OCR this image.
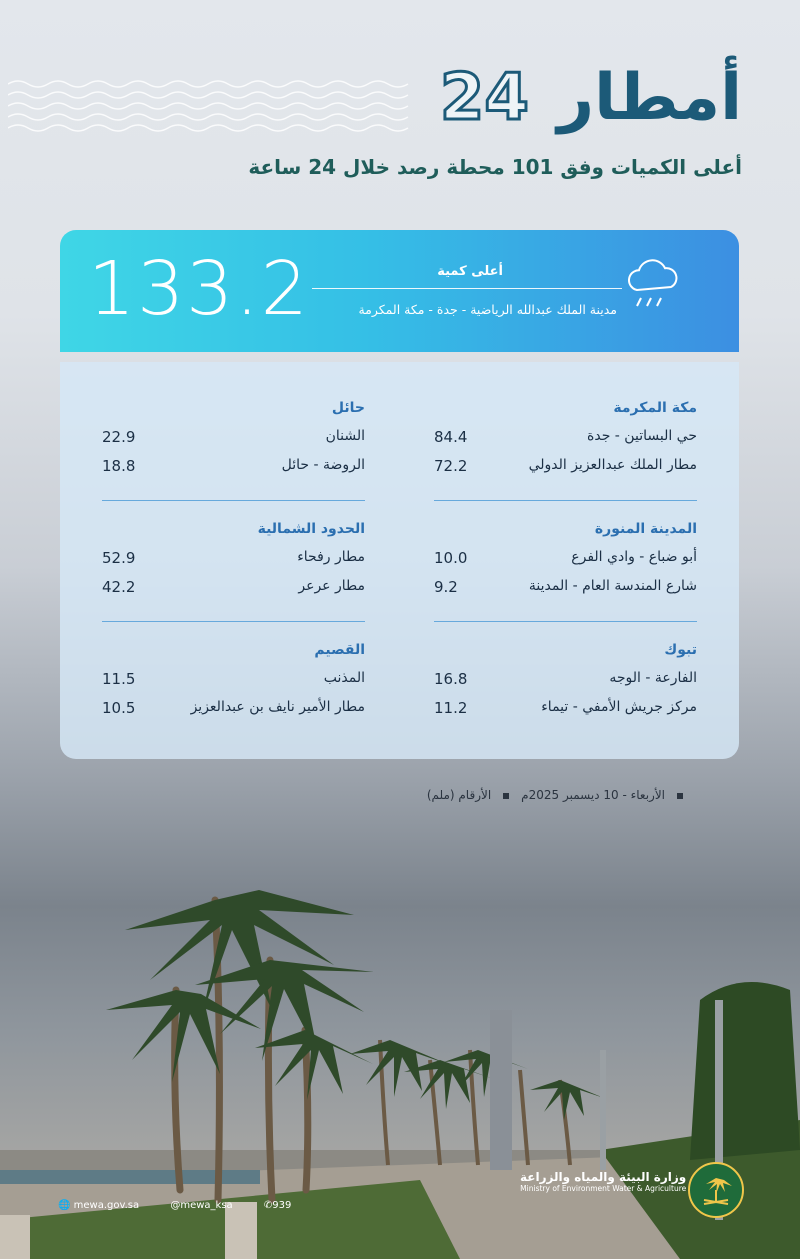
أمطار 24
أعلى الكميات وفق 101 محطة رصد خلال 24 ساعة
133.2	أعلى كمية
مدينة الملك عبدالله الرياضية - جدة - مكة المكرمة
مكة المكرمة
حي البساتين - جدة
84.4
مطار الملك عبدالعزيز الدولي
72.2
المدينة المنورة
أبو ضباع - وادي الفرع
10.0
شارع المندسة العام - المدينة
9.2
تبوك
الفارعة - الوجه
16.8
مركز جريش الأمفي - تيماء
11.2
حائل
الشنان
22.9
الروضة - حائل
18.8
الحدود الشمالية
مطار رفحاء
52.9
مطار عرعر
42.2
القصيم
المذنب
11.5
مطار الأمير نايف بن عبدالعزيز
10.5
الأربعاء - 10 ديسمبر 2025مالأرقام (ملم)
وزارة البيئة والمياه والزراعة
Ministry of Environment Water & Agriculture
🌐 mewa.gov.sa	@mewa_ksa	✆939
